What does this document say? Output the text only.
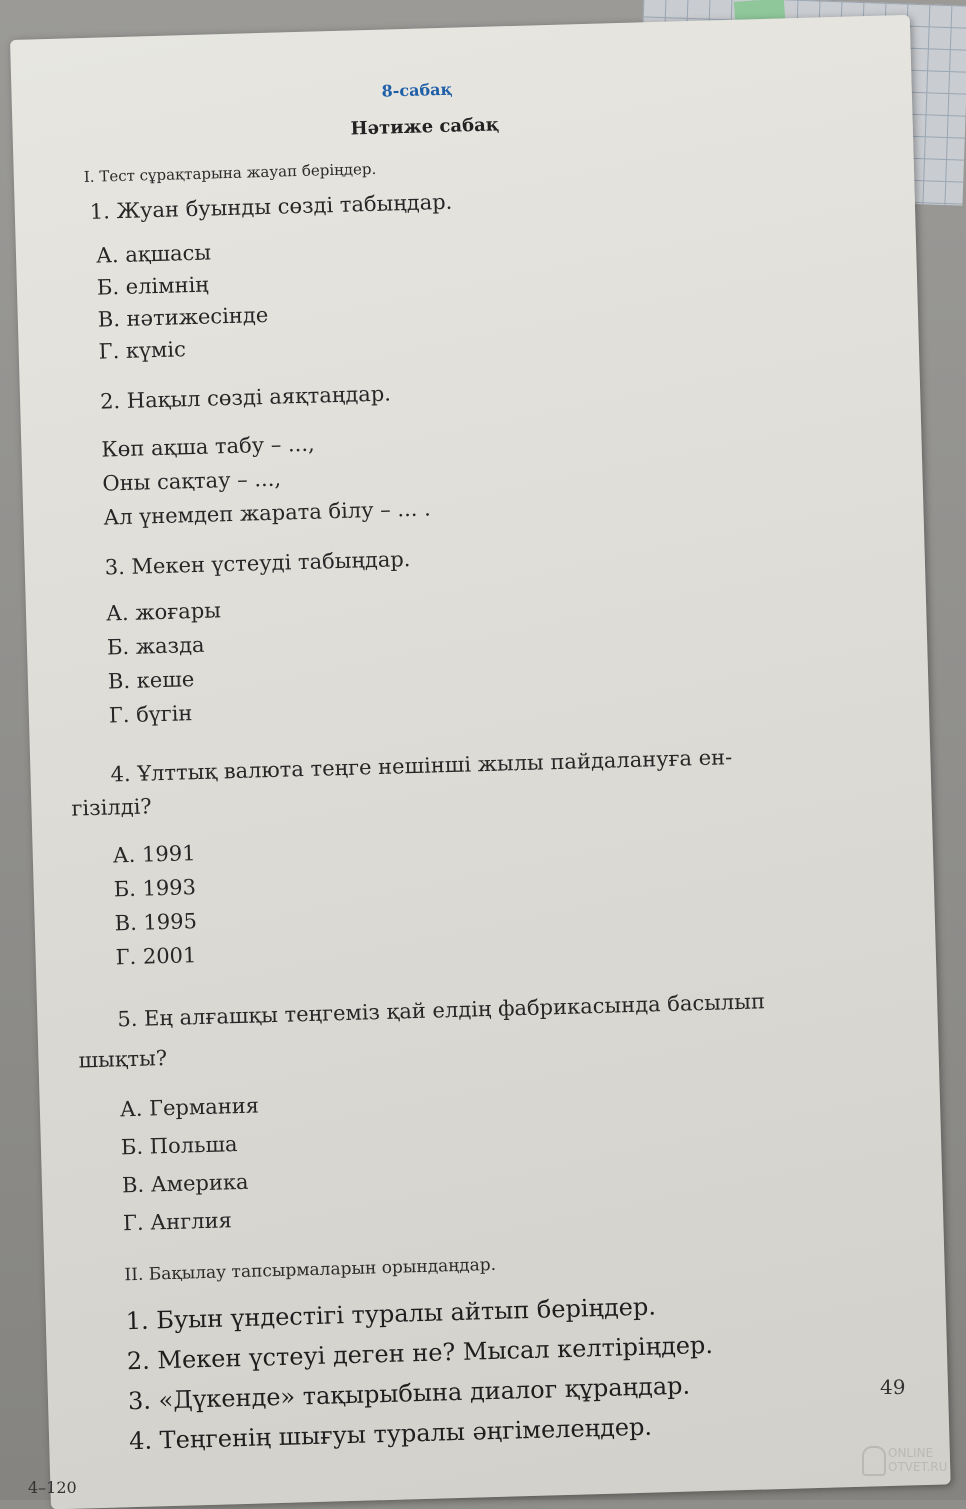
8-сабақ
Нәтиже сабақ
І. Тест сұрақтарына жауап беріңдер.
1. Жуан буынды сөзді табыңдар.
А. ақшасы
Б. елімнің
В. нәтижесінде
Г. күміс
2. Нақыл сөзді аяқтаңдар.
Көп ақша табу – ...,
Оны сақтау – ...,
Ал үнемдеп жарата білу – ... .
3. Мекен үстеуді табыңдар.
А. жоғары
Б. жазда
В. кеше
Г. бүгін
4. Ұлттық валюта теңге нешінші жылы пайдалануға ен-
гізілді?
А. 1991
Б. 1993
В. 1995
Г. 2001
5. Ең алғашқы теңгеміз қай елдің фабрикасында басылып
шықты?
А. Германия
Б. Польша
В. Америка
Г. Англия
ІІ. Бақылау тапсырмаларын орындаңдар.
1. Буын үндестігі туралы айтып беріңдер.
2. Мекен үстеуі деген не? Мысал келтіріңдер.
3. «Дүкенде» тақырыбына диалог құраңдар.
4. Теңгенің шығуы туралы әңгімелеңдер.
49
4–120
ONLINE
OTVET.RU
